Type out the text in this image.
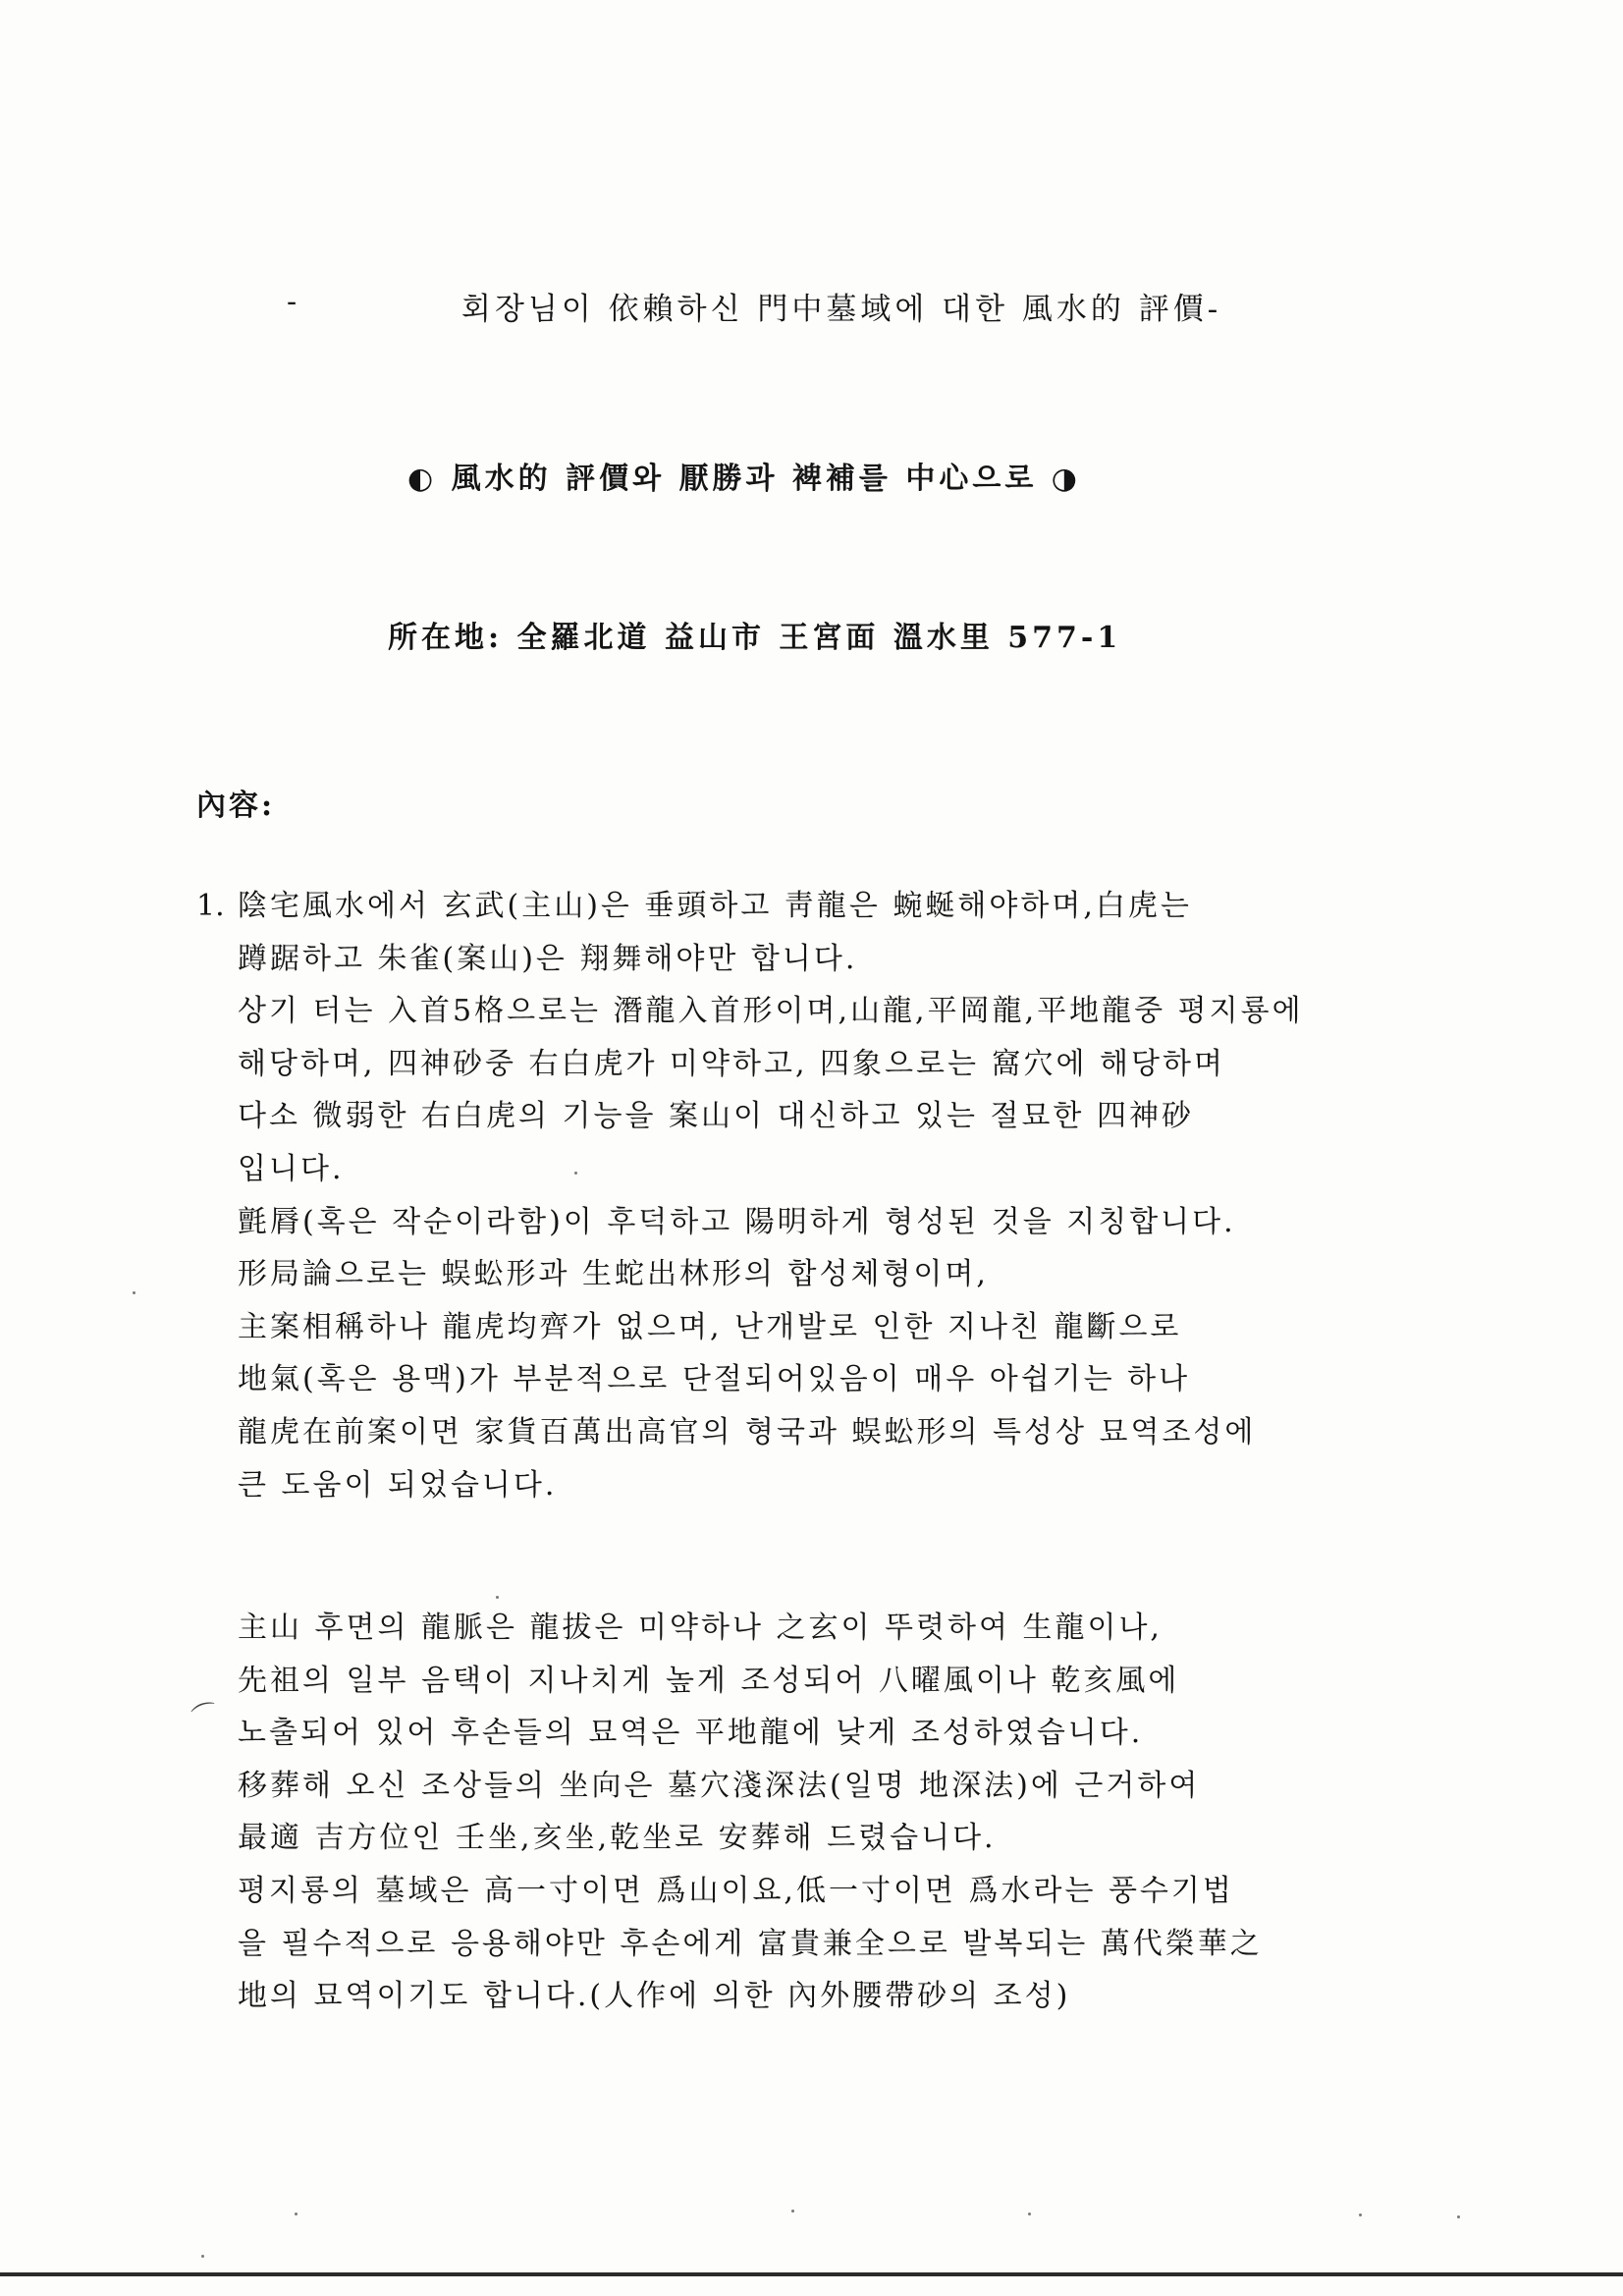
-	회장님이 依賴하신 門中墓域에 대한 風水的 評價-
◐ 風水的 評價와 厭勝과 裨補를 中心으로 ◑
所在地: 全羅北道 益山市 王宮面 溫水里 577-1
內容:
1. 陰宅風水에서 玄武(主山)은 垂頭하고 靑龍은 蜿蜒해야하며,白虎는
蹲踞하고 朱雀(案山)은 翔舞해야만 합니다.
상기 터는 入首5格으로는 潛龍入首形이며,山龍,平岡龍,平地龍중 평지룡에
해당하며, 四神砂중 右白虎가 미약하고, 四象으로는 窩穴에 해당하며
다소 微弱한 右白虎의 기능을 案山이 대신하고 있는 절묘한 四神砂
입니다.
氈脣(혹은 작순이라함)이 후덕하고 陽明하게 형성된 것을 지칭합니다.
形局論으로는 蜈蚣形과 生蛇出林形의 합성체형이며,
主案相稱하나 龍虎均齊가 없으며, 난개발로 인한 지나친 龍斷으로
地氣(혹은 용맥)가 부분적으로 단절되어있음이 매우 아쉽기는 하나
龍虎在前案이면 家貨百萬出高官의 형국과 蜈蚣形의 특성상 묘역조성에
큰 도움이 되었습니다.
主山 후면의 龍脈은 龍拔은 미약하나 之玄이 뚜렷하여 生龍이나,
先祖의 일부 음택이 지나치게 높게 조성되어 八曜風이나 乾亥風에
노출되어 있어 후손들의 묘역은 平地龍에 낮게 조성하였습니다.
移葬해 오신 조상들의 坐向은 墓穴淺深法(일명 地深法)에 근거하여
最適 吉方位인 壬坐,亥坐,乾坐로 安葬해 드렸습니다.
평지룡의 墓域은 高一寸이면 爲山이요,低一寸이면 爲水라는 풍수기법
을 필수적으로 응용해야만 후손에게 富貴兼全으로 발복되는 萬代榮華之
地의 묘역이기도 합니다.(人作에 의한 內外腰帶砂의 조성)
⌒
